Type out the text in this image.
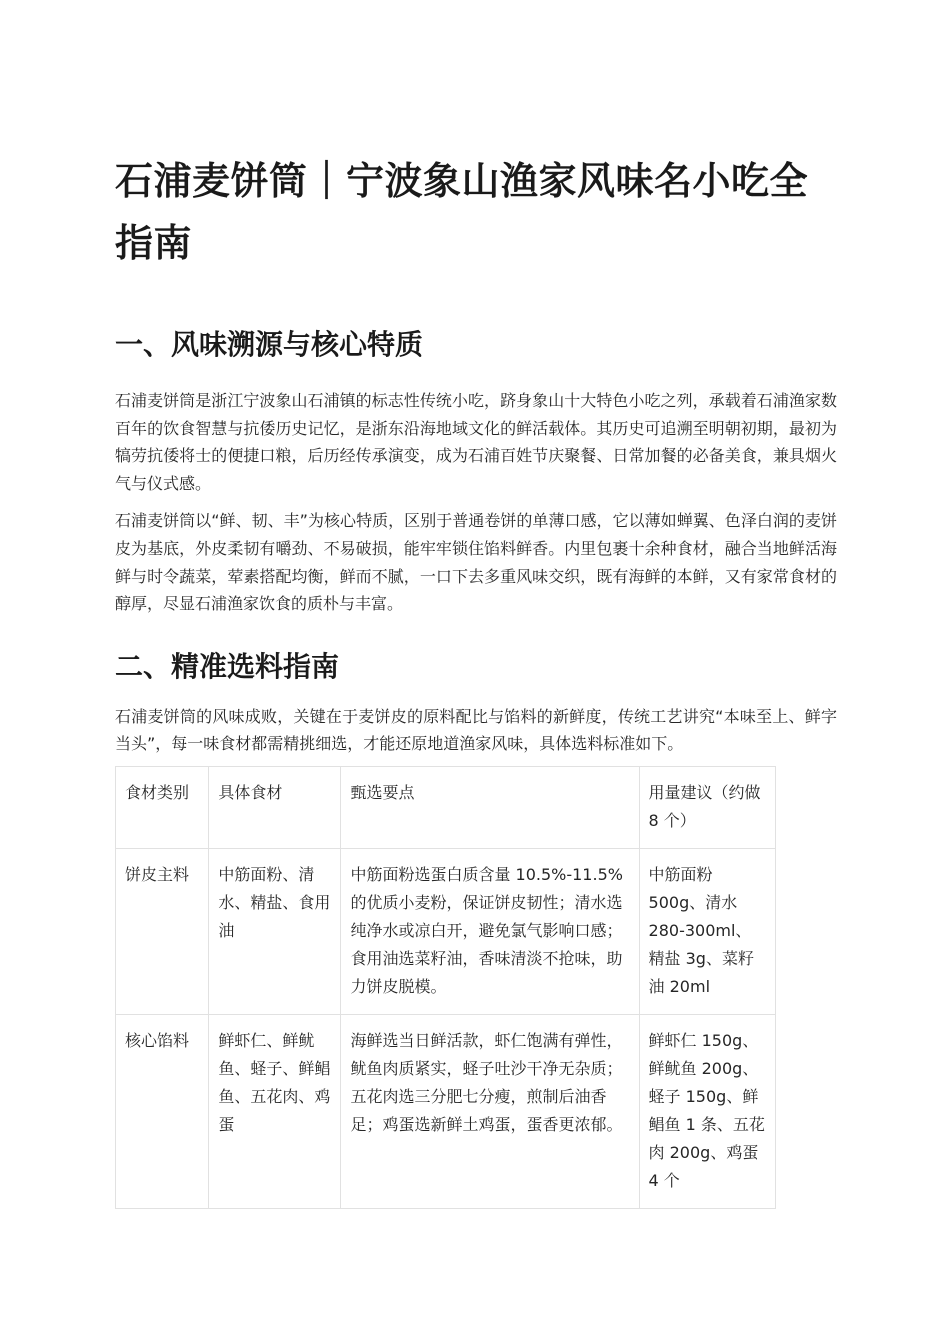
石浦麦饼筒｜宁波象山渔家风味名小吃全指南
一、风味溯源与核心特质

石浦麦饼筒是浙江宁波象山石浦镇的标志性传统小吃，跻身象山十大特色小吃之列，承载着石浦渔家数百年的饮食智慧与抗倭历史记忆，是浙东沿海地域文化的鲜活载体。其历史可追溯至明朝初期，最初为犒劳抗倭将士的便捷口粮，后历经传承演变，成为石浦百姓节庆聚餐、日常加餐的必备美食，兼具烟火气与仪式感。

石浦麦饼筒以“鲜、韧、丰”为核心特质，区别于普通卷饼的单薄口感，它以薄如蝉翼、色泽白润的麦饼皮为基底，外皮柔韧有嚼劲、不易破损，能牢牢锁住馅料鲜香。内里包裹十余种食材，融合当地鲜活海鲜与时令蔬菜，荤素搭配均衡，鲜而不腻，一口下去多重风味交织，既有海鲜的本鲜，又有家常食材的醇厚，尽显石浦渔家饮食的质朴与丰富。

二、精准选料指南

石浦麦饼筒的风味成败，关键在于麦饼皮的原料配比与馅料的新鲜度，传统工艺讲究“本味至上、鲜字当头”，每一味食材都需精挑细选，才能还原地道渔家风味，具体选料标准如下。

食材类别	具体食材	甄选要点	用量建议（约做 8 个）
饼皮主料	中筋面粉、清水、精盐、食用油	中筋面粉选蛋白质含量 10.5%-11.5%的优质小麦粉，保证饼皮韧性；清水选纯净水或凉白开，避免氯气影响口感；食用油选菜籽油，香味清淡不抢味，助力饼皮脱模。	中筋面粉 500g、清水 280-300ml、精盐 3g、菜籽油 20ml
核心馅料	鲜虾仁、鲜鱿鱼、蛏子、鲜鲳鱼、五花肉、鸡蛋	海鲜选当日鲜活款，虾仁饱满有弹性，鱿鱼肉质紧实，蛏子吐沙干净无杂质；五花肉选三分肥七分瘦，煎制后油香足；鸡蛋选新鲜土鸡蛋，蛋香更浓郁。	鲜虾仁 150g、鲜鱿鱼 200g、蛏子 150g、鲜鲳鱼 1 条、五花肉 200g、鸡蛋 4 个
